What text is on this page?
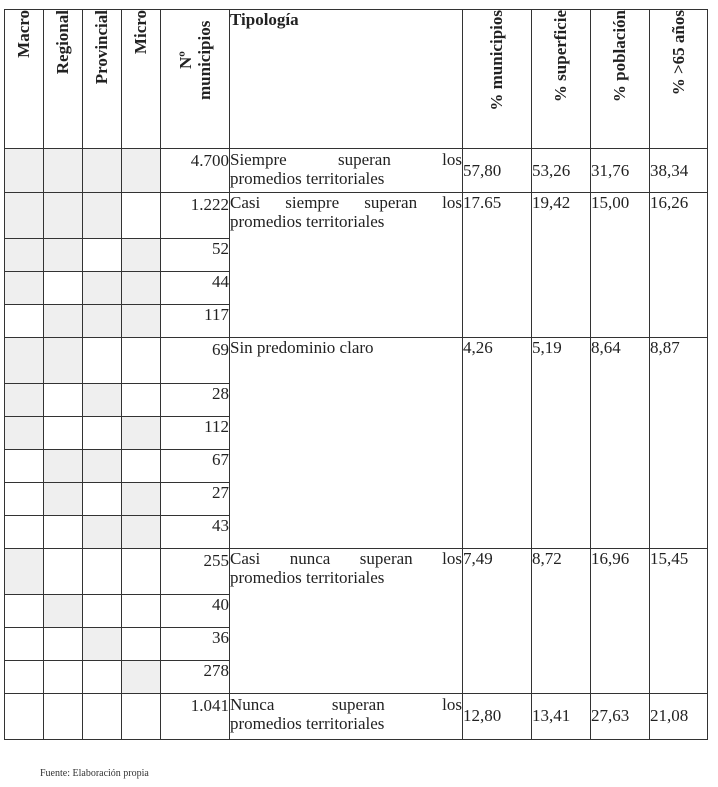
Macro	Regional	Provincial	Micro	Nº
municipios	Tipología	% municipios	% superficie	% población	% >65 años

				4.700	Siempre superan los
promedios territoriales	57,80	53,26	31,76	38,34
				1.222	Casi siempre superan los
promedios territoriales	17.65	19,42	15,00	16,26
				52					
				44					
				117					
				69	Sin predominio claro	4,26	5,19	8,64	8,87
				28					
				112					
				67					
				27					
				43					
				255	Casi nunca superan los
promedios territoriales	7,49	8,72	16,96	15,45
				40					
				36					
				278					
				1.041	Nunca superan los
promedios territoriales	12,80	13,41	27,63	21,08
Fuente: Elaboración propia
